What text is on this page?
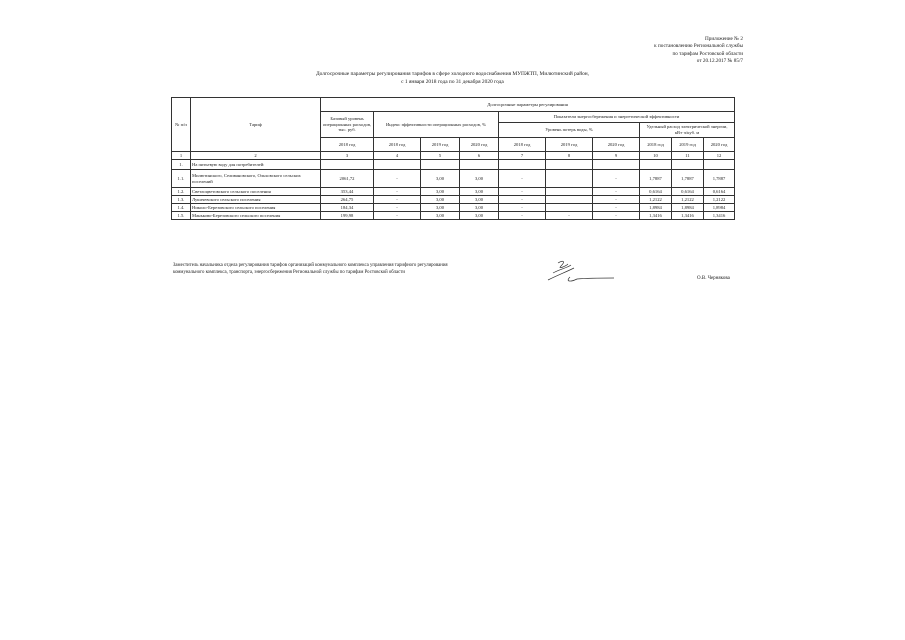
Приложение № 2
к постановлению Региональной службы
по тарифам Ростовской области
от 20.12.2017 № 85/7
Долгосрочные параметры регулирования тарифов в сфере холодного водоснабжения МУПЖТП, Милютинский район,
с 1 января 2018 года по 31 декабря 2020 года
№ п/п	Тариф	Долгосрочные параметры регулирования									
		Базовый уровень операционных расходов, тыс. руб.	Индекс эффективности операционных расходов, %			Показатели энергосбережения и энергетической эффективности					
						Уровень потерь воды, %			Удельный расход электрической энергии, кВт·ч/куб. м		
		2018 год	2018 год	2019 год	2020 год	2018 год	2019 год	2020 год	2018 год	2019 год	2020 год
1	2	3	4	5	6	7	8	9	10	11	12
1.	На питьевую воду для потребителей:										
1.1.	Милютинского, Селивановского, Ольховского сельских поселений	2061,72	-	3,00	3,00	-		-	1,7887	1,7887	1,7887
1.2.	Светлоцветовского сельского поселения	353,44	-	3,00	3,00	-		-	0,6164	0,6164	0,6164
1.3.	Лукичевского сельского поселения	264,75	-	3,00	3,00	-		-	1,2122	1,2122	1,2122
1.4.	Николо-Березовского сельского поселения	184,34	-	3,00	3,00	-		-	1,8984	1,8984	1,8984
1.5.	Маньково-Березовского сельского поселения	199,98	-	3,00	3,00	-	-	-	1,3416	1,3416	1,3416
Заместитель начальника отдела регулирования тарифов организаций коммунального комплекса управления тарифного регулирования коммунального комплекса, транспорта, энергосбережения Региональной службы по тарифам Ростовской области
О.В. Чернякова
